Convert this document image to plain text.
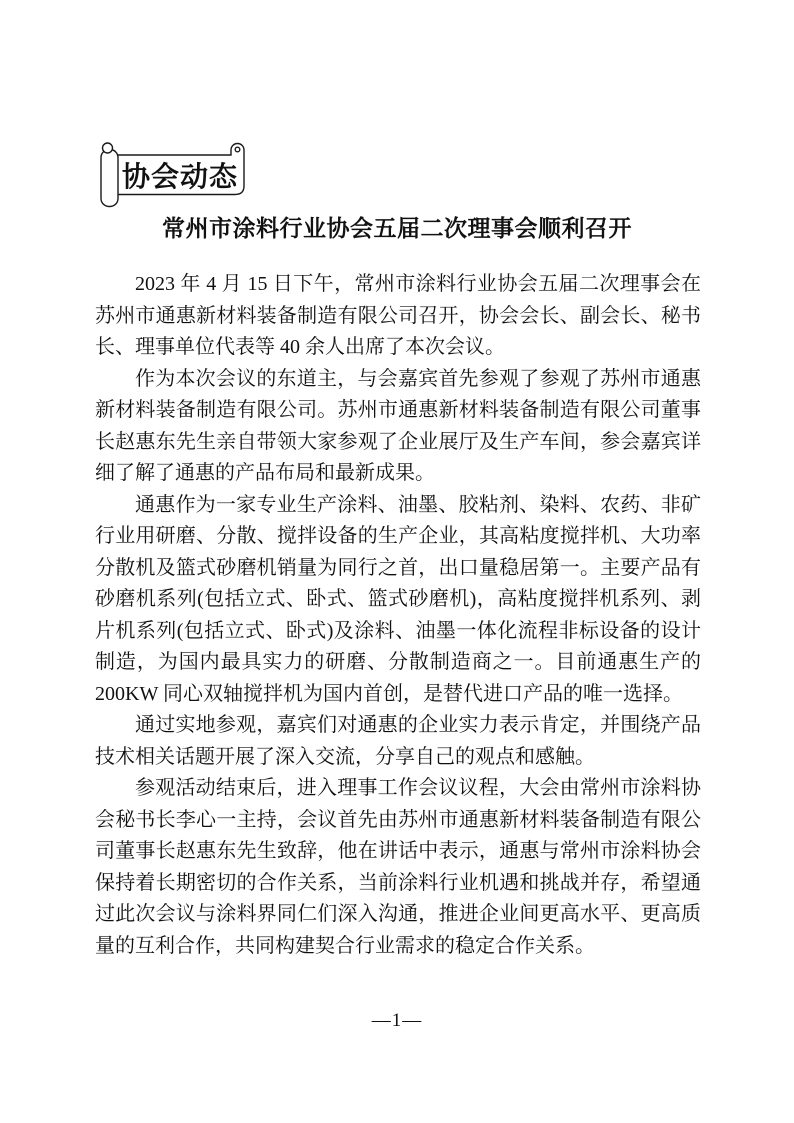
协会动态
常州市涂料行业协会五届二次理事会顺利召开

2023 年 4 月 15 日下午，常州市涂料行业协会五届二次理事会在苏州市通惠新材料装备制造有限公司召开，协会会长、副会长、秘书长、理事单位代表等 40 余人出席了本次会议。

作为本次会议的东道主，与会嘉宾首先参观了参观了苏州市通惠新材料装备制造有限公司。苏州市通惠新材料装备制造有限公司董事长赵惠东先生亲自带领大家参观了企业展厅及生产车间，参会嘉宾详细了解了通惠的产品布局和最新成果。

通惠作为一家专业生产涂料、油墨、胶粘剂、染料、农药、非矿行业用研磨、分散、搅拌设备的生产企业，其高粘度搅拌机、大功率分散机及篮式砂磨机销量为同行之首，出口量稳居第一。主要产品有砂磨机系列(包括立式、卧式、篮式砂磨机)，高粘度搅拌机系列、剥片机系列(包括立式、卧式)及涂料、油墨一体化流程非标设备的设计制造，为国内最具实力的研磨、分散制造商之一。目前通惠生产的 200KW 同心双轴搅拌机为国内首创，是替代进口产品的唯一选择。

通过实地参观，嘉宾们对通惠的企业实力表示肯定，并围绕产品技术相关话题开展了深入交流，分享自己的观点和感触。

参观活动结束后，进入理事工作会议议程，大会由常州市涂料协会秘书长李心一主持，会议首先由苏州市通惠新材料装备制造有限公司董事长赵惠东先生致辞，他在讲话中表示，通惠与常州市涂料协会保持着长期密切的合作关系，当前涂料行业机遇和挑战并存，希望通过此次会议与涂料界同仁们深入沟通，推进企业间更高水平、更高质量的互利合作，共同构建契合行业需求的稳定合作关系。

—1—
